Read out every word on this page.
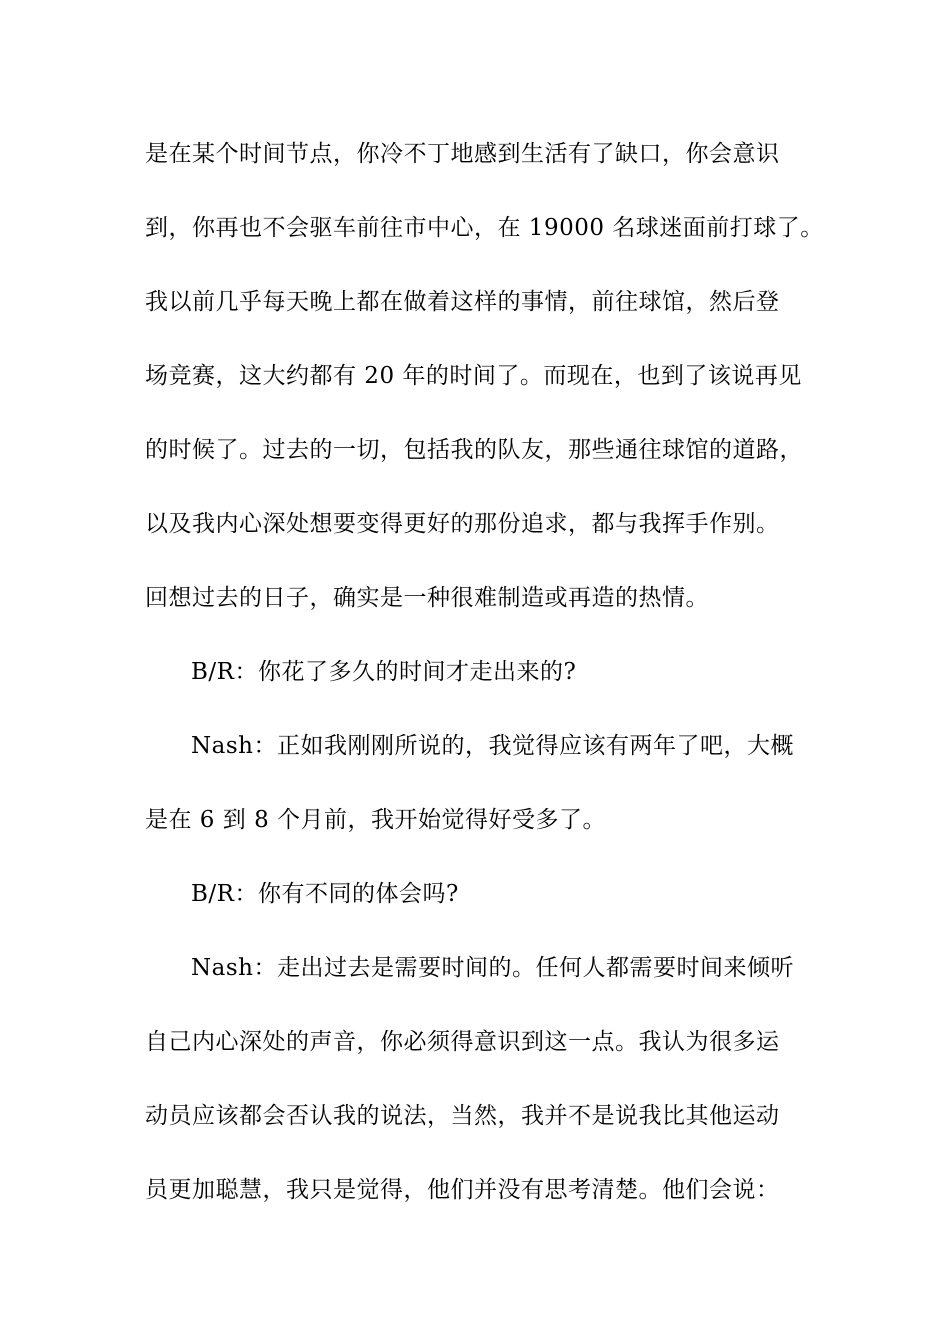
是在某个时间节点，你冷不丁地感到生活有了缺口，你会意识
到，你再也不会驱车前往市中心，在 19000 名球迷面前打球了。
我以前几乎每天晚上都在做着这样的事情，前往球馆，然后登
场竞赛，这大约都有 20 年的时间了。而现在，也到了该说再见
的时候了。过去的一切，包括我的队友，那些通往球馆的道路，
以及我内心深处想要变得更好的那份追求，都与我挥手作别。
回想过去的日子，确实是一种很难制造或再造的热情。
B/R：你花了多久的时间才走出来的?
Nash：正如我刚刚所说的，我觉得应该有两年了吧，大概
是在 6 到 8 个月前，我开始觉得好受多了。
B/R：你有不同的体会吗?
Nash：走出过去是需要时间的。任何人都需要时间来倾听
自己内心深处的声音，你必须得意识到这一点。我认为很多运
动员应该都会否认我的说法，当然，我并不是说我比其他运动
员更加聪慧，我只是觉得，他们并没有思考清楚。他们会说：
